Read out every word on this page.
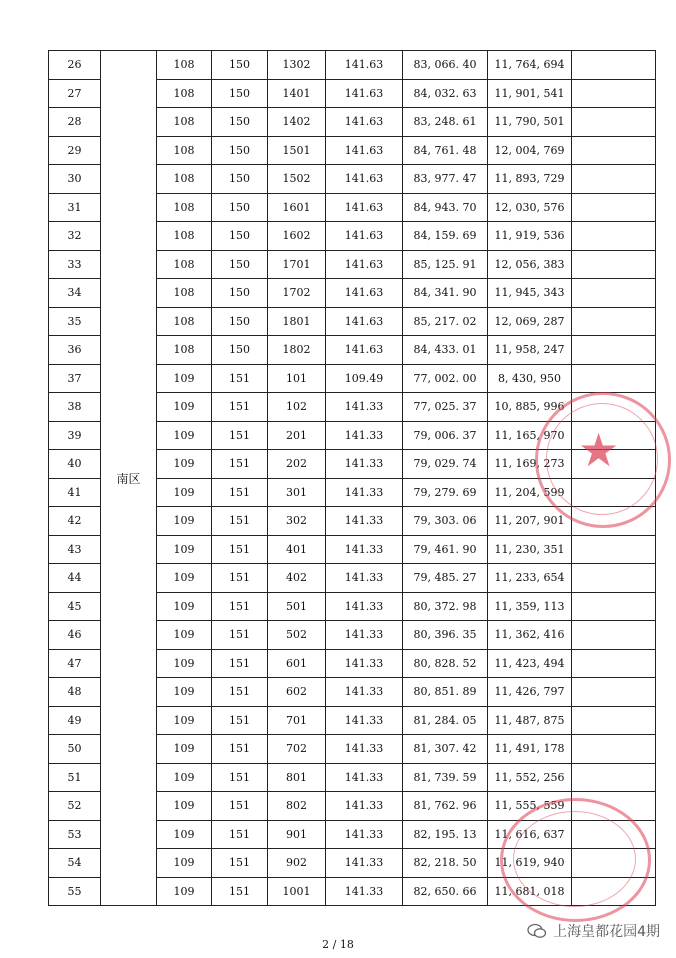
26	南区	108	150	1302	141.63	83, 066. 40	11, 764, 694	
27		108	150	1401	141.63	84, 032. 63	11, 901, 541	
28		108	150	1402	141.63	83, 248. 61	11, 790, 501	
29		108	150	1501	141.63	84, 761. 48	12, 004, 769	
30		108	150	1502	141.63	83, 977. 47	11, 893, 729	
31		108	150	1601	141.63	84, 943. 70	12, 030, 576	
32		108	150	1602	141.63	84, 159. 69	11, 919, 536	
33		108	150	1701	141.63	85, 125. 91	12, 056, 383	
34		108	150	1702	141.63	84, 341. 90	11, 945, 343	
35		108	150	1801	141.63	85, 217. 02	12, 069, 287	
36		108	150	1802	141.63	84, 433. 01	11, 958, 247	
37		109	151	101	109.49	77, 002. 00	8, 430, 950	
38		109	151	102	141.33	77, 025. 37	10, 885, 996	
39		109	151	201	141.33	79, 006. 37	11, 165, 970	
40		109	151	202	141.33	79, 029. 74	11, 169, 273	
41		109	151	301	141.33	79, 279. 69	11, 204, 599	
42		109	151	302	141.33	79, 303. 06	11, 207, 901	
43		109	151	401	141.33	79, 461. 90	11, 230, 351	
44		109	151	402	141.33	79, 485. 27	11, 233, 654	
45		109	151	501	141.33	80, 372. 98	11, 359, 113	
46		109	151	502	141.33	80, 396. 35	11, 362, 416	
47		109	151	601	141.33	80, 828. 52	11, 423, 494	
48		109	151	602	141.33	80, 851. 89	11, 426, 797	
49		109	151	701	141.33	81, 284. 05	11, 487, 875	
50		109	151	702	141.33	81, 307. 42	11, 491, 178	
51		109	151	801	141.33	81, 739. 59	11, 552, 256	
52		109	151	802	141.33	81, 762. 96	11, 555, 559	
53		109	151	901	141.33	82, 195. 13	11, 616, 637	
54		109	151	902	141.33	82, 218. 50	11, 619, 940	
55		109	151	1001	141.33	82, 650. 66	11, 681, 018	
★
2 / 18
上海皇都花园4期
